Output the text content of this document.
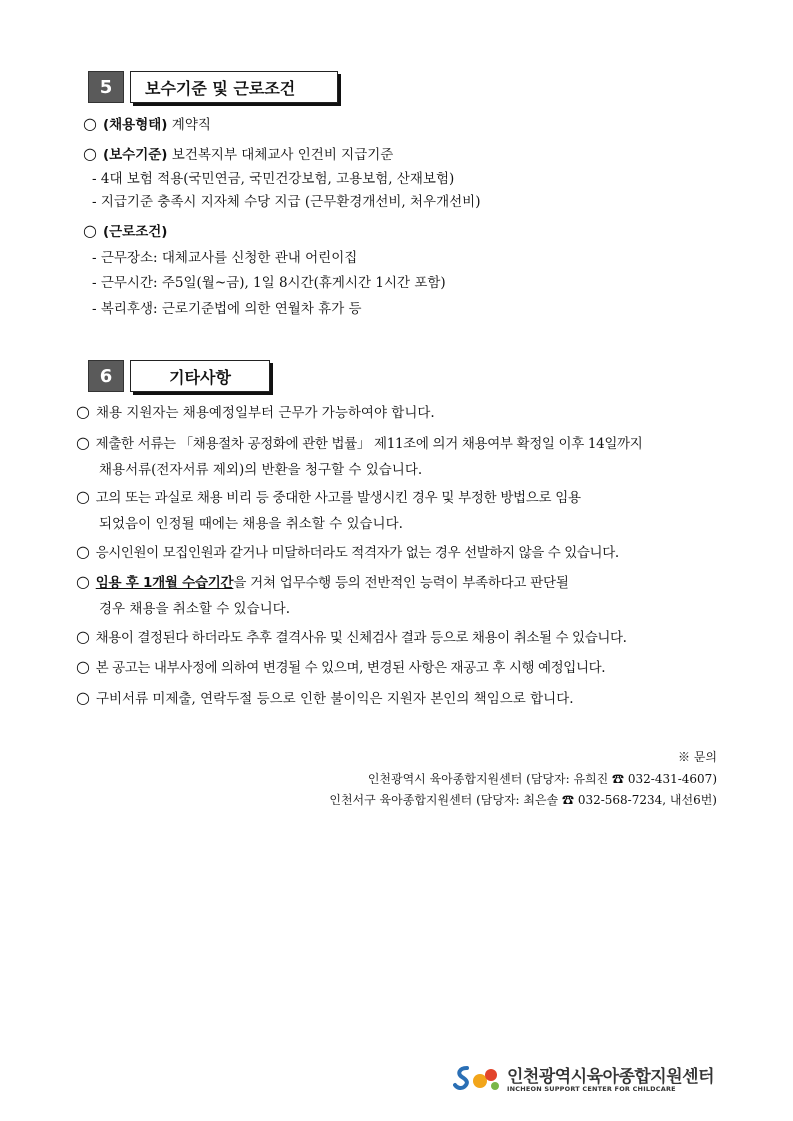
5	보수기준 및 근로조건
○ (채용형태) 계약직
○ (보수기준) 보건복지부 대체교사 인건비 지급기준
- 4대 보험 적용(국민연금, 국민건강보험, 고용보험, 산재보험)
- 지급기준 충족시 지자체 수당 지급 (근무환경개선비, 처우개선비)
○ (근로조건)
- 근무장소: 대체교사를 신청한 관내 어린이집
- 근무시간: 주5일(월~금), 1일 8시간(휴게시간 1시간 포함)
- 복리후생: 근로기준법에 의한 연월차 휴가 등
6	기타사항
○ 채용 지원자는 채용예정일부터 근무가 가능하여야 합니다.
○ 제출한 서류는 「채용절차 공정화에 관한 법률」 제11조에 의거 채용여부 확정일 이후 14일까지
채용서류(전자서류 제외)의 반환을 청구할 수 있습니다.
○ 고의 또는 과실로 채용 비리 등 중대한 사고를 발생시킨 경우 및 부정한 방법으로 임용
되었음이 인정될 때에는 채용을 취소할 수 있습니다.
○ 응시인원이 모집인원과 같거나 미달하더라도 적격자가 없는 경우 선발하지 않을 수 있습니다.
○ 임용 후 1개월 수습기간을 거쳐 업무수행 등의 전반적인 능력이 부족하다고 판단될
경우 채용을 취소할 수 있습니다.
○ 채용이 결정된다 하더라도 추후 결격사유 및 신체검사 결과 등으로 채용이 취소될 수 있습니다.
○ 본 공고는 내부사정에 의하여 변경될 수 있으며, 변경된 사항은 재공고 후 시행 예정입니다.
○ 구비서류 미제출, 연락두절 등으로 인한 불이익은 지원자 본인의 책임으로 합니다.
※ 문의
인천광역시 육아종합지원센터 (담당자: 유희진 ☎ 032-431-4607)
인천서구 육아종합지원센터 (담당자: 최은솔 ☎ 032-568-7234, 내선6번)
인천광역시육아종합지원센터
INCHEON SUPPORT CENTER FOR CHILDCARE
